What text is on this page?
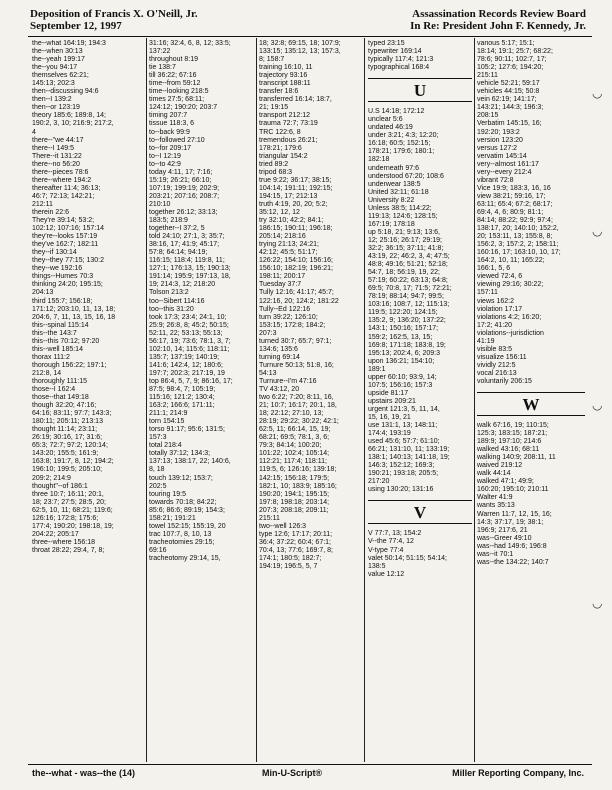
Deposition of Francis X. O'Neill, Jr.
September 12, 1997
Assassination Records Review Board
In Re: President John F. Kennedy, Jr.
the--what 164:19; 194:3
the--when 30:13
the--yeah 199:17
the--you 94:17
themselves 62:21;
145:13; 202:3
then--discussing 94:6
then--I 139:2
then--or 123:19
theory 185:6; 189:8, 14;
190:2, 3, 10; 216:9; 217:2,
4
there--"we 44:17
there--I 149:5
There--it 131:22
there--no 56:20
there--pieces 78:6
there--where 194:2
thereafter 11:4; 36:13;
46:7; 72:13; 142:21;
212:11
therein 22:6
They're 39:14; 53:2;
102:12; 107:16; 157:14
they're--looks 157:19
they've 162:7; 182:11
they--if 130:14
they--they 77:15; 130:2
they--we 192:16
things--Humes 70:3
thinking 24:20; 195:15;
204:13
third 155:7; 156:18;
171:12; 203:10, 11, 13, 18;
204:6, 7, 11, 13, 15, 16, 18
this--spinal 115:14
this--the 143:7
this--this 70:12; 97:20
this--well 185:14
thorax 111:2
thorough 156:22; 197:1;
212:8, 14
thoroughly 111:15
those--I 162:4
those--that 149:18
though 32:20; 47:16;
64:16; 83:11; 97:7; 143:3;
180:11; 205:11; 213:13
thought 11:14; 23:11;
26:19; 30:16, 17; 31:6;
65:3; 72:7; 97:2; 120:14;
143:20; 155:5; 161:9;
163:8; 191:7, 8, 12; 194:2;
196:10; 199:5; 205:10;
209:2; 214:9
thought"--of 186:1
three 10:7; 16:11; 20:1,
18; 23:7; 27:5; 28:5, 20;
62:5, 10, 11; 68:21; 119:6;
126:16; 172:8; 175:6;
177:4; 190:20; 198:18, 19;
204:22; 205:17
three--where 156:18
throat 28:22; 29:4, 7, 8;
31:16; 32:4, 6, 8, 12; 33:5;
137:22
throughout 8:19
tie 138:7
till 36:22; 67:16
time--from 59:12
time--looking 218:5
times 27:5; 68:11;
124:12; 190:20; 203:7
timing 207:7
tissue 118:3, 6
to--back 99:9
to--followed 27:10
to--for 209:17
to--I 12:19
to--to 42:9
today 4:11, 17; 7:16;
15:19; 26:21; 66:10;
107:19; 199:19; 202:9;
203:21; 207:16; 208:7;
210:10
together 26:12; 33:13;
183:5; 218:9
together--I 37:2, 5
told 24:10; 27:1, 3; 35:7;
38:16, 17; 41:9; 45:17;
57:8; 64:14; 94:19;
116:15; 118:4; 119:8, 11;
127:1; 176:13, 15; 190:13;
191:14; 195:9; 197:13, 18,
19; 214:3, 12; 218:20
Tolson 213:2
too--Sibert 114:16
too--this 31:20
took 17:3; 23:4; 24:1, 10;
25:9; 26:8, 8; 45:2; 50:15;
52:11, 22; 53:13; 55:13;
56:17, 19; 73:6; 78:1, 3, 7;
102:10, 14; 115:6; 118:11;
135:7; 137:19; 140:19;
141:6; 142:4, 12; 180:6;
197:7; 202:3; 217:19, 19
top 86:4, 5, 7, 9; 86:16, 17;
87:5; 98:4, 7; 105:19;
115:16; 121:2; 130:4;
163:2; 166:6; 171:11;
211:1; 214:9
torn 154:15
torso 91:17; 95:6; 131:5;
157:3
total 218:4
totally 37:12; 134:3;
137:13; 138:17, 22; 140:6,
8, 18
touch 139:12; 153:7;
202:5
touring 19:5
towards 70:18; 84:22;
85:6; 86:6; 89:19; 154:3;
158:21; 191:21
towel 152:15; 155:19, 20
trac 107:7, 8, 10, 13
tracheotomies 29:15;
69:16
tracheotomy 29:14, 15,
18; 32:8; 69:15, 18; 107:9;
133:15; 135:12, 13; 157:3,
8; 158:7
training 16:10, 11
trajectory 93:16
transcript 188:11
transfer 18:6
transferred 16:14; 18:7,
21; 19:15
transport 212:12
trauma 72:7; 73:19
TRC 122:6, 8
tremendous 26:21;
178:21; 179:6
triangular 154:2
tried 89:2
tripod 68:3
true 9:22; 36:17; 38:15;
104:14; 191:11; 192:15;
194:15, 17; 212:13
truth 4:19, 20, 20; 5:2;
35:12, 12, 12
try 32:10; 42:2; 84:1;
186:15; 190:11; 196:18;
205:14; 218:16
trying 21:13; 24:21;
42:12; 45:5; 51:17;
126:22; 154:10; 156:16;
156:10; 182:19; 196:21;
198:11; 200:17
Tuesday 37:7
Tully 12:16; 41:17; 45:7;
122:16, 20; 124:2; 181:22
Tully--Ed 122:16
turn 39:22; 126:10;
153:15; 172:8; 184:2;
207:3
turned 30:7; 65:7; 97:1;
134:6; 135:6
turning 69:14
Turnure 50:13; 51:8, 16;
54:13
Turnure--I'm 47:16
TV 43:12, 20
two 6:22; 7:20; 8:11, 16,
21; 10:7; 16:17; 20:1, 18,
18; 22:12; 27:10, 13;
28:19; 29:22; 30:22; 42:1;
62:5, 11; 66:14, 15, 19;
68:21; 69:5; 78:1, 3, 6;
79:3; 84:14; 100:20;
101:22; 102:4; 105:14;
112:21; 117:4; 118:11;
119:5, 6; 126:16; 139:18;
142:15; 156:18; 179:5;
182:1, 10; 183:9; 185:16;
190:20; 194:1; 195:15;
197:8; 198:18; 203:14;
207:3; 208:18; 209:11;
215:11
two--well 126:3
type 12:6; 17:17; 20:11;
36:4; 37:22; 60:4; 67:1;
70:4, 13; 77:6; 169:7, 8;
174:1; 180:5; 182:7;
194:19; 196:5, 5, 7
typed 23:15
typewriter 169:14
typically 117:4; 121:3
typographical 168:4
U
U.S 14:18; 172:12
unclear 5:6
undated 46:19
under 3:21; 4:3; 12:20;
16:18; 60:5; 152:15;
178:21; 179:6; 180:1;
182:18
underneath 97:6
understood 67:20; 108:6
underwear 138:5
United 32:11; 61:18
University 8:22
Unless 38:5; 114:22;
119:13; 124:6; 128:15;
167:19; 178:18
up 5:18, 21; 9:13; 13:6,
12; 25:16; 26:17; 29:19;
32:2; 36:15; 37:11; 41:8;
43:19, 22; 46:2, 3, 4; 47:5;
48:8; 49:16; 51:21; 52:18;
54:7, 18; 56:19, 19, 22;
57:19; 60:22; 63:13; 64:8;
69:5; 70:8, 17; 71:5; 72:21;
78:19; 88:14; 94:7; 99:5;
103:16; 108:7, 12; 115:13;
119:5; 122:20; 124:15;
135:2, 9; 136:20; 137:22;
143:1; 150:16; 157:17;
159:2; 162:5, 13, 15;
169:8; 171:18; 183:8, 19;
195:13; 202:4, 6; 209:3
upon 136:21; 154:10;
189:1
upper 60:10; 93:9, 14;
107:5; 156:16; 157:3
upside 81:17
upstairs 209:21
urgent 121:3, 5, 11, 14,
15, 16, 19, 21
use 131:1, 13; 148:11;
174:4; 193:19
used 45:6; 57:7; 61:10;
66:21; 131:10, 11; 133:19;
138:1; 140:13; 141:18, 19;
146:3; 152:12; 169:3;
190:21; 193:18; 205:5;
217:20
using 130:20; 131:16
V
V 77:7, 13; 154:2
V--the 77:4, 12
V-type 77:4
valet 50:14; 51:15; 54:14;
138:5
value 12:12
various 5:17; 15:1;
18:14; 19:1; 25:7; 68:22;
78:6; 90:11; 102:7, 17;
105:2; 127:6; 194:20;
215:11
vehicle 52:21; 59:17
vehicles 44:15; 50:8
vein 62:19; 141:17;
143:21; 144:3; 196:3;
208:15
Verbatim 145:15, 16;
192:20; 193:2
version 123:20
versus 127:2
vervatim 145:14
very--almost 161:17
very--every 212:4
vibrant 72:8
Vice 19:9; 183:3, 16, 16
view 38:21; 59:16, 17;
63:11; 65:4; 67:2; 68:17;
69:4, 4, 6; 80:9; 81:1;
84:14; 88:22; 92:9; 97:4;
138:17, 20; 140:10; 152:2,
20; 153:11, 13; 155:8, 8;
156:2, 3; 157:2, 2; 158:11;
160:16, 17; 163:10, 10, 17;
164:2, 10, 11; 165:22;
166:1, 5, 6
viewed 72:4, 6
viewing 29:16; 30:22;
157:11
views 162:2
violation 17:17
violations 4:2; 16:20;
17:2; 41:20
violations--jurisdiction
41:19
visible 83:5
visualize 156:11
vividly 212:5
vocal 216:13
voluntarily 206:15
W
walk 67:16, 19; 110:15;
125:3; 183:15; 187:21;
189:9; 197:10; 214:6
walked 43:16; 68:11
walking 140:9; 208:11, 11
waived 219:12
walk 44:14
walked 47:1; 49:9;
160:20; 195:10; 210:11
Walter 41:9
wants 35:13
Warren 11:7, 12, 15, 16;
14:3; 37:17, 19; 38:1;
196:9; 217:6, 21
was--Greer 49:10
was--had 149:6; 196:8
was--it 70:1
was--the 134:22; 140:7
◡
◡
◡
◡
the--what - was--the (14)	Min-U-Script®	Miller Reporting Company, Inc.
